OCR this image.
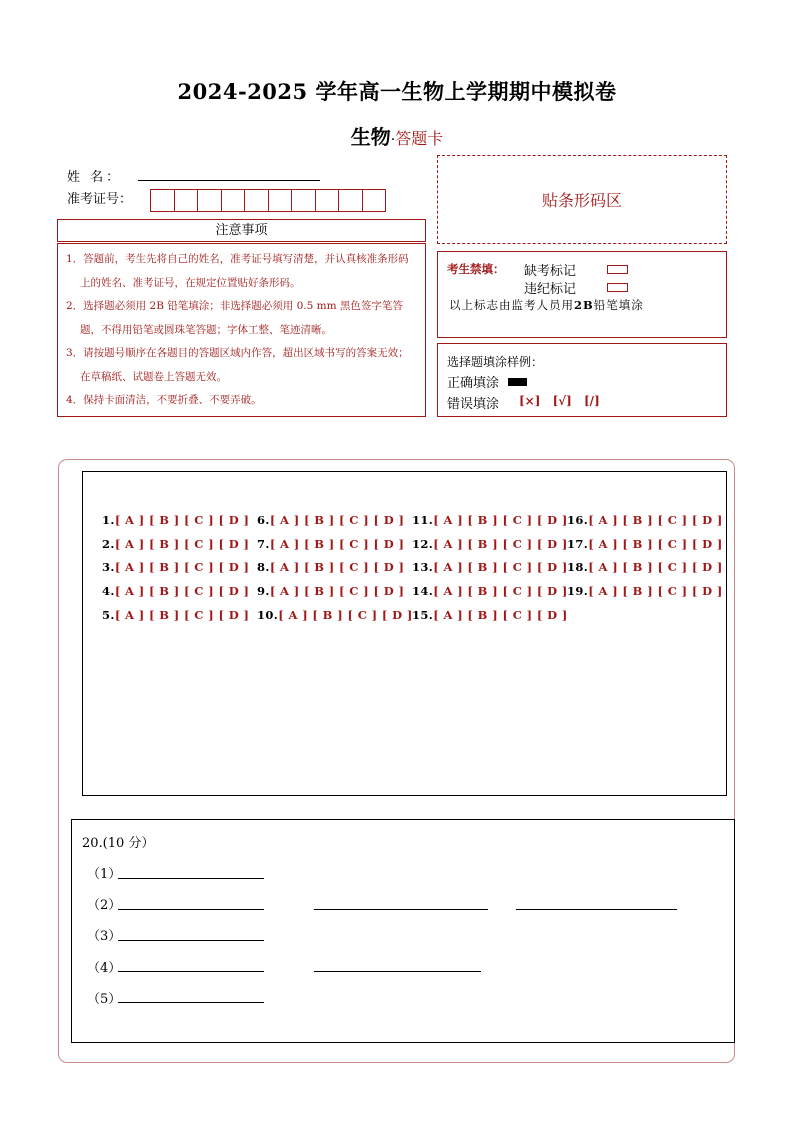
2024-2025 学年高一生物上学期期中模拟卷
生物·答题卡
姓 名：
准考证号：	贴条形码区
注意事项

1．答题前，考生先将自己的姓名，准考证号填写清楚，并认真核准条形码上的姓名、准考证号，在规定位置贴好条形码。

2．选择题必须用 2B 铅笔填涂；非选择题必须用 0.5 mm 黑色签字笔答题，不得用铅笔或圆珠笔答题；字体工整、笔迹清晰。

3．请按题号顺序在各题目的答题区域内作答，超出区域书写的答案无效；在草稿纸、试题卷上答题无效。

4．保持卡面清洁，不要折叠、不要弄破。

考生禁填： 缺考标记
违纪标记
以上标志由监考人员用2B铅笔填涂
选择题填涂样例：
正确填涂
错误填涂 [×] [√] [/]
20.(10 分）
（1）
（2）
（3）
（4）
（5）
1.[ A ] [ B ] [ C ] [ D ]
2.[ A ] [ B ] [ C ] [ D ]
3.[ A ] [ B ] [ C ] [ D ]
4.[ A ] [ B ] [ C ] [ D ]
5.[ A ] [ B ] [ C ] [ D ]
6.[ A ] [ B ] [ C ] [ D ]
7.[ A ] [ B ] [ C ] [ D ]
8.[ A ] [ B ] [ C ] [ D ]
9.[ A ] [ B ] [ C ] [ D ]
10.[ A ] [ B ] [ C ] [ D ]
11.[ A ] [ B ] [ C ] [ D ]
12.[ A ] [ B ] [ C ] [ D ]
13.[ A ] [ B ] [ C ] [ D ]
14.[ A ] [ B ] [ C ] [ D ]
15.[ A ] [ B ] [ C ] [ D ]
16.[ A ] [ B ] [ C ] [ D ]
17.[ A ] [ B ] [ C ] [ D ]
18.[ A ] [ B ] [ C ] [ D ]
19.[ A ] [ B ] [ C ] [ D ]
